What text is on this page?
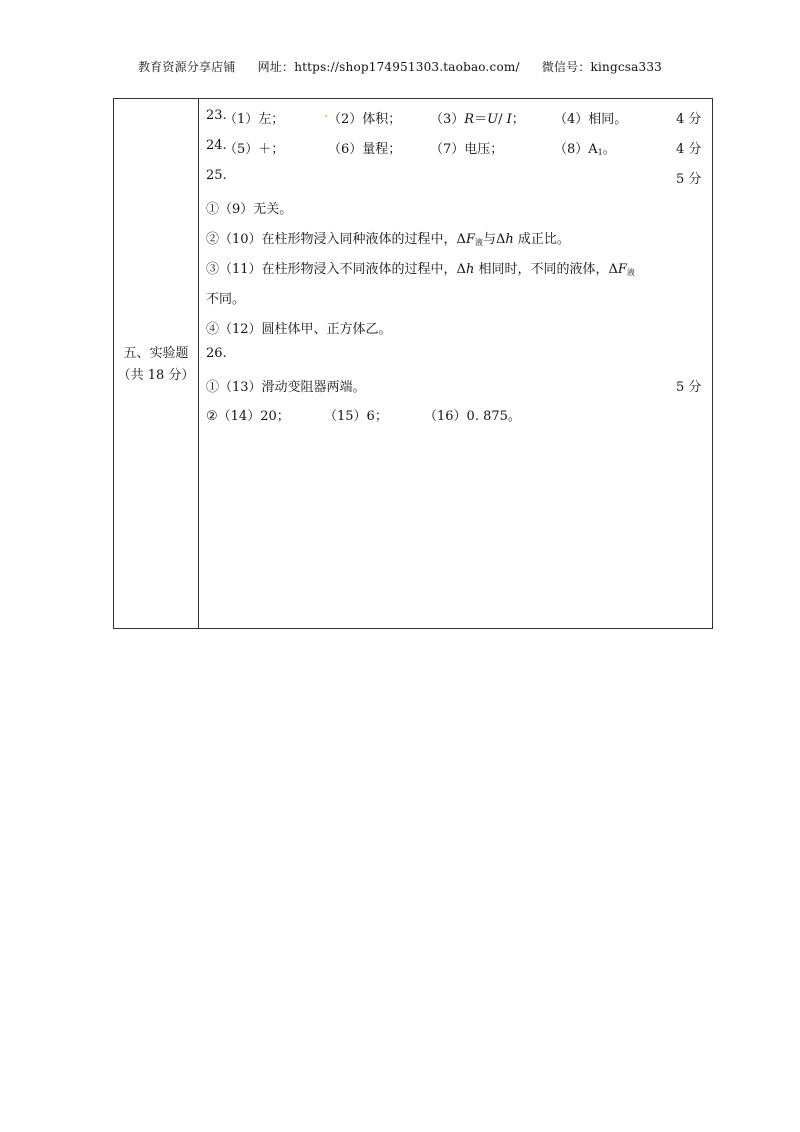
教育资源分享店铺 网址：https://shop174951303.taobao.com/ 微信号：kingcsa333
五、实验题
（共 18 分）
23.
（1）左；	. （2）体积； （3）R＝U/ I； （4）相同。	4 分
24.
（5）＋；	（6）量程； （7）电压；	$(8)A_1$。	4 分
25.	5 分
①（9）无关。
②（10）在柱形物浸入同种液体的过程中，$\Delta F_液$与Δh 成正比。
③（11）在柱形物浸入不同液体的过程中，Δh 相同时，不同的液体，$\Delta F_液$
不同。
④（12）圆柱体甲、正方体乙。
26.
①（13）滑动变阻器两端。	5 分
②（14）20；	（15）6；	（16）0. 875。
